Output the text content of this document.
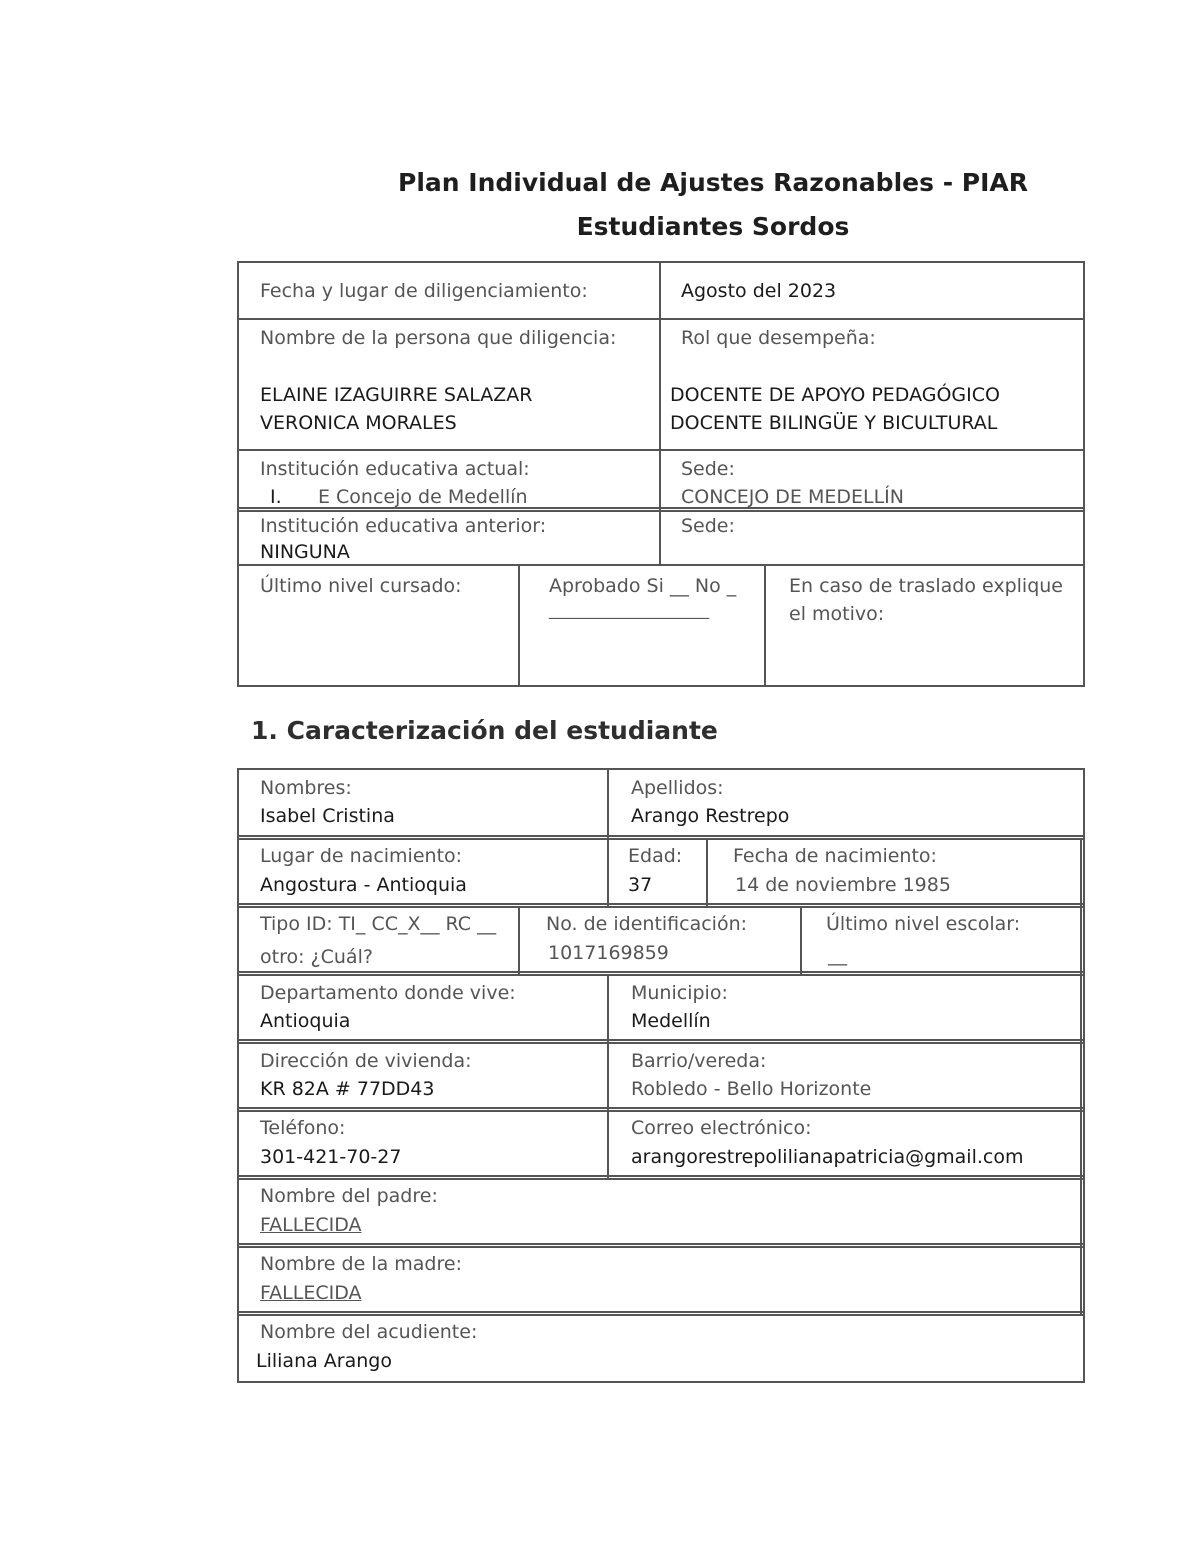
Plan Individual de Ajustes Razonables - PIAR
Estudiantes Sordos
Fecha y lugar de diligenciamiento:	Agosto del 2023
Nombre de la persona que diligencia:
ELAINE IZAGUIRRE SALAZAR
VERONICA MORALES
Rol que desempeña:
DOCENTE DE APOYO PEDAGÓGICO
DOCENTE BILINGÜE Y BICULTURAL
Institución educativa actual:
I. E Concejo de Medellín
Sede:
CONCEJO DE MEDELLÍN
Institución educativa anterior:
NINGUNA
Sede:
Último nivel cursado:	Aprobado Si __ No _
____________________
En caso de traslado explique
el motivo:
1. Caracterización del estudiante
Nombres:
Isabel Cristina
Apellidos:
Arango Restrepo
Lugar de nacimiento:
Angostura - Antioquia
Edad:
37
Fecha de nacimiento:
14 de noviembre 1985
Tipo ID: TI_ CC_X__ RC __
otro: ¿Cuál?
No. de identificación:
1017169859
Último nivel escolar:
__
Departamento donde vive:
Antioquia
Municipio:
Medellín
Dirección de vivienda:
KR 82A # 77DD43
Barrio/vereda:
Robledo - Bello Horizonte
Teléfono:
301-421-70-27
Correo electrónico:
arangorestrepolilianapatricia@gmail.com
Nombre del padre:
FALLECIDA
Nombre de la madre:
FALLECIDA
Nombre del acudiente:
Liliana Arango
